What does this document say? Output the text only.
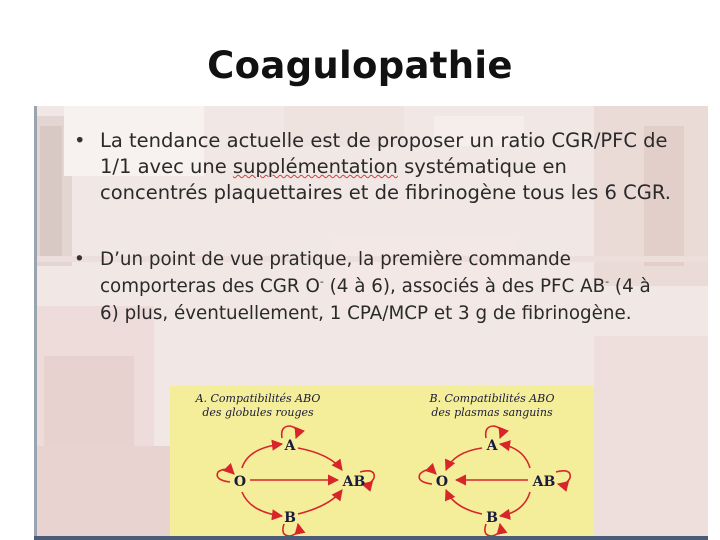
Coagulopathie
• La tendance actuelle est de proposer un ratio CGR/PFC de 1/1 avec une supplémentation systématique en concentrés plaquettaires et de fibrinogène tous les 6 CGR.
• D’un point de vue pratique, la première commande comporteras des CGR O- (4 à 6), associés à des PFC AB- (4 à 6) plus, éventuellement, 1 CPA/MCP et 3 g de fibrinogène.
A. Compatibilités ABO
des globules rouges
B. Compatibilités ABO
des plasmas sanguins
O
A
AB
B
O
A
AB
B
